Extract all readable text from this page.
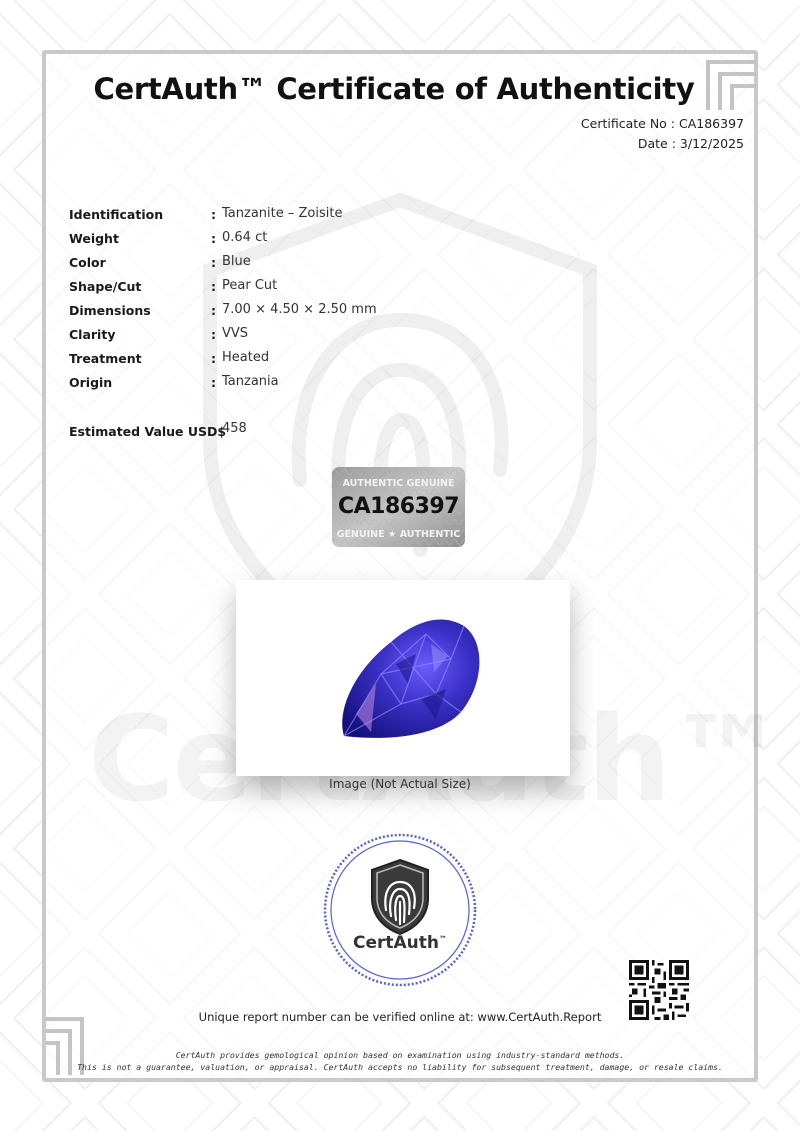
CertAuth™ Certificate of Authenticity
Certificate No : CA186397
Date : 3/12/2025
Identification	: Tanzanite – Zoisite
Weight	: 0.64 ct
Color	: Blue
Shape/Cut	: Pear Cut
Dimensions	: 7.00 × 4.50 × 2.50 mm
Clarity	: VVS
Treatment	: Heated
Origin	: Tanzania
Estimated Value USD$
458
AUTHENTIC GENUINE
GENUINE ★ AUTHENTIC
CA186397
Image (Not Actual Size)
CertAuth™
Unique report number can be verified online at: www.CertAuth.Report
CertAuth provides gemological opinion based on examination using industry-standard methods.
This is not a guarantee, valuation, or appraisal. CertAuth accepts no liability for subsequent treatment, damage, or resale claims.
